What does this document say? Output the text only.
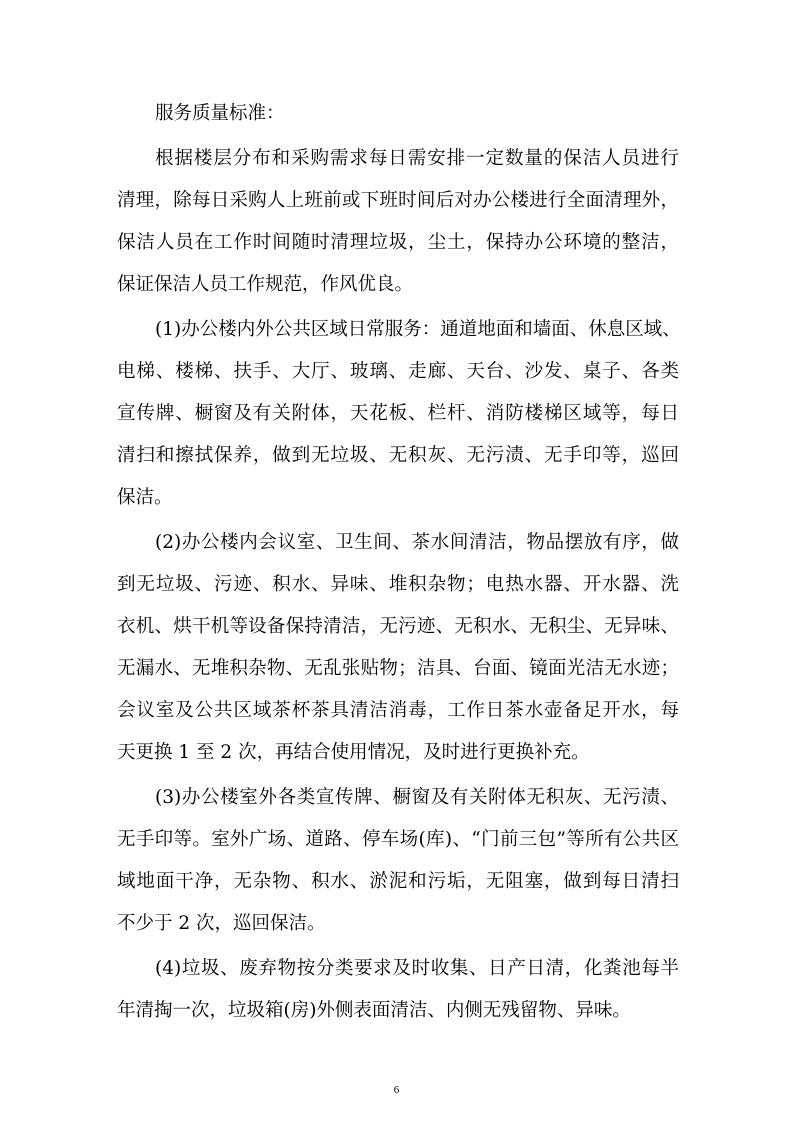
服务质量标准：
根据楼层分布和采购需求每日需安排一定数量的保洁人员进行
清理，除每日采购人上班前或下班时间后对办公楼进行全面清理外，
保洁人员在工作时间随时清理垃圾，尘土，保持办公环境的整洁，
保证保洁人员工作规范，作风优良。
(1)办公楼内外公共区域日常服务：通道地面和墙面、休息区域、
电梯、楼梯、扶手、大厅、玻璃、走廊、天台、沙发、桌子、各类
宣传牌、橱窗及有关附体，天花板、栏杆、消防楼梯区域等，每日
清扫和擦拭保养，做到无垃圾、无积灰、无污渍、无手印等，巡回
保洁。
(2)办公楼内会议室、卫生间、茶水间清洁，物品摆放有序，做
到无垃圾、污迹、积水、异味、堆积杂物；电热水器、开水器、洗
衣机、烘干机等设备保持清洁，无污迹、无积水、无积尘、无异味、
无漏水、无堆积杂物、无乱张贴物；洁具、台面、镜面光洁无水迹；
会议室及公共区域茶杯茶具清洁消毒，工作日茶水壶备足开水，每
天更换 1 至 2 次，再结合使用情况，及时进行更换补充。
(3)办公楼室外各类宣传牌、橱窗及有关附体无积灰、无污渍、
无手印等。室外广场、道路、停车场(库)、“门前三包”等所有公共区
域地面干净，无杂物、积水、淤泥和污垢，无阻塞，做到每日清扫
不少于 2 次，巡回保洁。
(4)垃圾、废弃物按分类要求及时收集、日产日清，化粪池每半
年清掏一次，垃圾箱(房)外侧表面清洁、内侧无残留物、异味。
6
